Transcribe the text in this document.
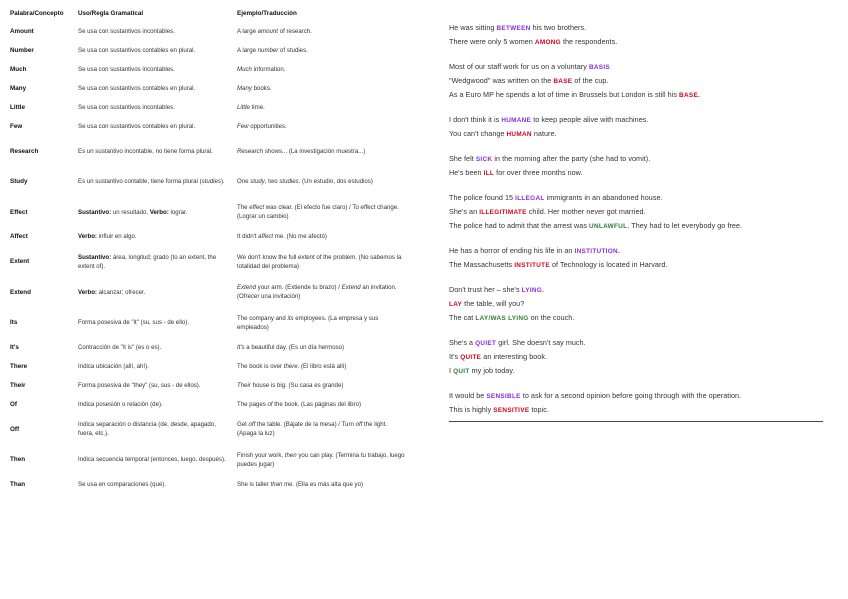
Palabra/Concepto	Uso/Regla Gramatical	Ejemplo/Traducción
Amount	Se usa con sustantivos incontables.	A large amount of research.
Number	Se usa con sustantivos contables en plural.	A large number of studies.
Much	Se usa con sustantivos incontables.	Much information.
Many	Se usa con sustantivos contables en plural.	Many books.
Little	Se usa con sustantivos incontables.	Little time.
Few	Se usa con sustantivos contables en plural.	Few opportunities.
Research	Es un sustantivo incontable, no tiene forma plural.	Research shows... (La investigación muestra...)
Study	Es un sustantivo contable, tiene forma plural (studies).	One study, two studies. (Un estudio, dos estudios)
Effect	Sustantivo: un resultado. Verbo: lograr.	The effect was clear. (El efecto fue claro) / To effect change. (Lograr un cambio)
Affect	Verbo: influir en algo.	It didn't affect me. (No me afectó)
Extent	Sustantivo: área, longitud; grado (to an extent, the extent of).	We don't know the full extent of the problem. (No sabemos la totalidad del problema)
Extend	Verbo: alcanzar; ofrecer.	Extend your arm. (Extiende tu brazo) / Extend an invitation. (Ofrecer una invitación)
Its	Forma posesiva de "it" (su, sus - de ello).	The company and its employees. (La empresa y sus empleados)
It's	Contracción de "it is" (es o es).	It's a beautiful day. (Es un día hermoso)
There	Indica ubicación (allí, ahí).	The book is over there. (El libro está allí)
Their	Forma posesiva de "they" (su, sus - de ellos).	Their house is big. (Su casa es grande)
Of	Indica posesión o relación (de).	The pages of the book. (Las páginas del libro)
Off	Indica separación o distancia (de, desde, apagado, fuera, etc.).	Get off the table. (Bájate de la mesa) / Turn off the light. (Apaga la luz)
Then	Indica secuencia temporal (entonces, luego, después).	Finish your work, then you can play. (Termina tu trabajo, luego puedes jugar)
Than	Se usa en comparaciones (que).	She is taller than me. (Ella es más alta que yo)
He was sitting BETWEEN his two brothers.
There were only 5 women AMONG the respondents.
Most of our staff work for us on a voluntary BASIS
"Wedgwood" was written on the BASE of the cup.
As a Euro MP he spends a lot of time in Brussels but London is still his BASE.
I don't think it is HUMANE to keep people alive with machines.
You can't change HUMAN nature.
She felt SICK in the morning after the party (she had to vomit).
He's been ILL for over three months now.
The police found 15 ILLEGAL immigrants in an abandoned house.
She's an ILLEGITIMATE child. Her mother never got married.
The police had to admit that the arrest was UNLAWFUL. They had to let everybody go free.
He has a horror of ending his life in an INSTITUTION.
The Massachusetts INSTITUTE of Technology is located in Harvard.
Don't trust her – she's LYING.
LAY the table, will you?
The cat LAY/WAS LYING on the couch.
She's a QUIET girl. She doesn't say much.
It's QUITE an interesting book.
I QUIT my job today.
It would be SENSIBLE to ask for a second opinion before going through with the operation.
This is highly SENSITIVE topic.
